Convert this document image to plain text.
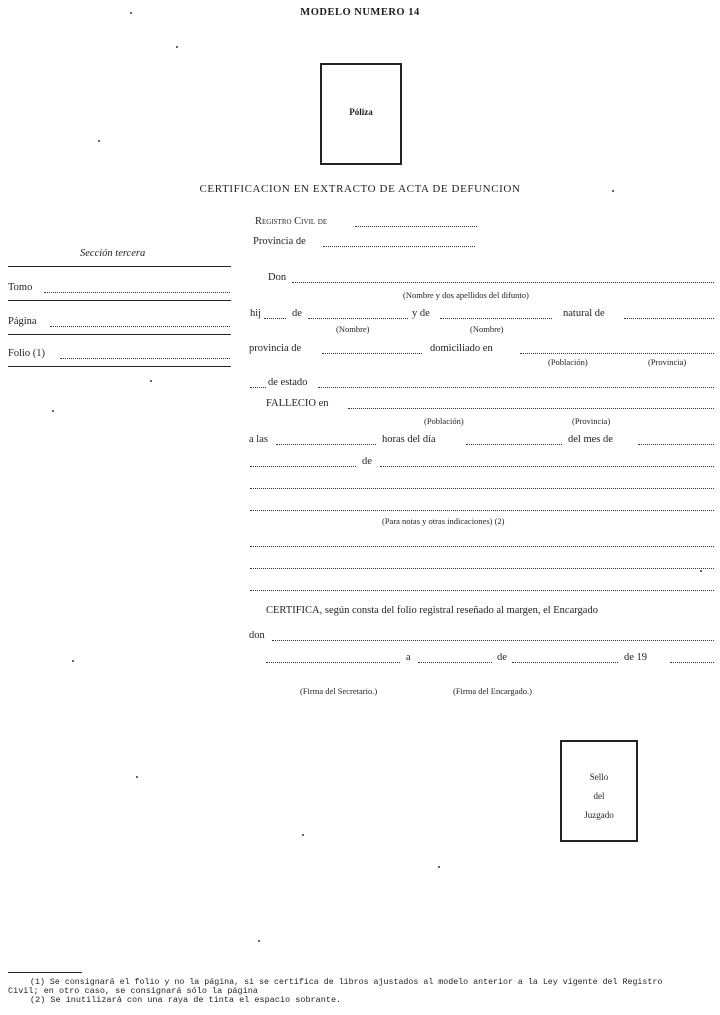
MODELO NUMERO 14
Póliza
CERTIFICACION EN EXTRACTO DE ACTA DE DEFUNCION
Sección tercera
Tomo
Página
Folio (1)
Registro Civil de
Provincia de
Don
(Nombre y dos apellidos del difunto)
hij	de	y de	natural de
(Nombre)	(Nombre)
provincia de	domiciliado en
(Población)	(Provincia)
de estado
FALLECIO en
(Población)	(Provincia)
a las	horas del día	del mes de
de
(Para notas y otras indicaciones) (2)
CERTIFICA, según consta del folio registral reseñado al margen, el Encargado
don
a	de	de 19
(Firma del Secretario.)	(Firma del Encargado.)
Sello
del
Juzgado
(1) Se consignará el folio y no la página, si se certifica de libros ajustados al modelo anterior a la Ley vigente del Registro
Civil; en otro caso, se consignará sólo la página
(2) Se inutilizará con una raya de tinta el espacio sobrante.
